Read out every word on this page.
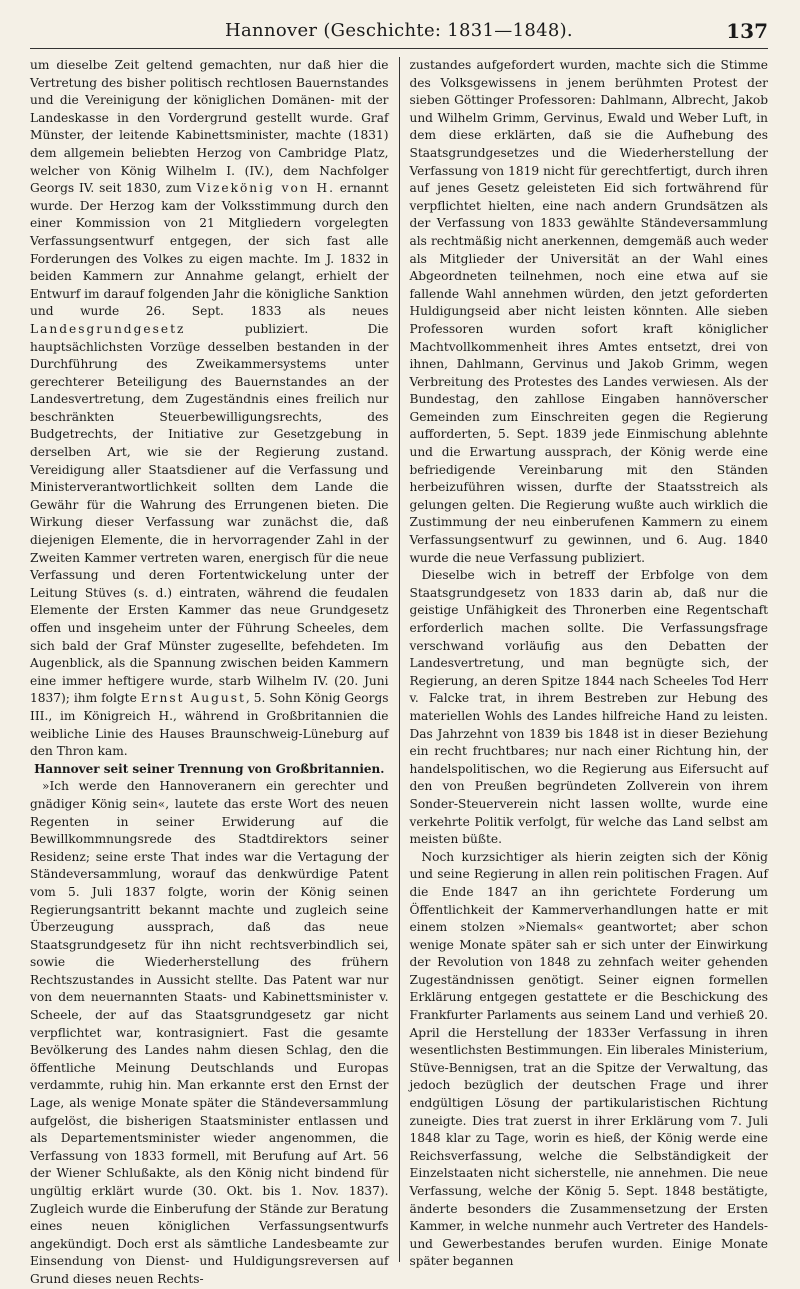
Hannover (Geschichte: 1831—1848).	137

um dieselbe Zeit geltend gemachten, nur daß hier die Vertretung des bisher politisch rechtlosen Bauernstandes und die Vereinigung der königlichen Domänen- mit der Landeskasse in den Vordergrund gestellt wurde. Graf Münster, der leitende Kabinettsminister, machte (1831) dem allgemein beliebten Herzog von Cambridge Platz, welcher von König Wilhelm I. (IV.), dem Nachfolger Georgs IV. seit 1830, zum Vizekönig von H. ernannt wurde. Der Herzog kam der Volksstimmung durch den einer Kommission von 21 Mitgliedern vorgelegten Verfassungsentwurf entgegen, der sich fast alle Forderungen des Volkes zu eigen machte. Im J. 1832 in beiden Kammern zur Annahme gelangt, erhielt der Entwurf im darauf folgenden Jahr die königliche Sanktion und wurde 26. Sept. 1833 als neues Landesgrundgesetz	publiziert. Die hauptsächlichsten Vorzüge desselben bestanden in der Durchführung des Zweikammersystems unter gerechterer Beteiligung des Bauernstandes an der Landesvertretung, dem Zugeständnis eines freilich nur beschränkten Steuerbewilligungsrechts, des Budgetrechts, der Initiative zur Gesetzgebung in derselben Art, wie sie der Regierung zustand. Vereidigung aller Staatsdiener auf die Verfassung und Ministerverantwortlichkeit sollten dem Lande die Gewähr für die Wahrung des Errungenen bieten. Die Wirkung dieser Verfassung war zunächst die, daß diejenigen Elemente, die in hervorragender Zahl in der Zweiten Kammer vertreten waren, energisch für die neue Verfassung und deren Fortentwickelung unter der Leitung Stüves (s. d.) eintraten, während die feudalen Elemente der Ersten Kammer das neue Grundgesetz offen und insgeheim unter der Führung Scheeles, dem sich bald der Graf Münster zugesellte, befehdeten. Im Augenblick, als die Spannung zwischen beiden Kammern eine immer heftigere wurde, starb Wilhelm IV. (20. Juni 1837); ihm folgte Ernst August, 5. Sohn König Georgs III., im Königreich H., während in Großbritannien die weibliche Linie des Hauses Braunschweig-Lüneburg auf den Thron kam.

Hannover seit seiner Trennung von Großbritannien.

»Ich werde den Hannoveranern ein gerechter und gnädiger König sein«, lautete das erste Wort des neuen Regenten in seiner Erwiderung auf die Bewillkommnungsrede des Stadtdirektors seiner Residenz; seine erste That indes war die Vertagung der Ständeversammlung, worauf das denkwürdige Patent vom 5. Juli 1837 folgte, worin der König seinen Regierungsantritt bekannt machte und zugleich seine Überzeugung aussprach, daß das neue Staatsgrundgesetz für ihn nicht rechtsverbindlich sei, sowie die Wiederherstellung des frühern Rechtszustandes in Aussicht stellte. Das Patent war nur von dem neuernannten Staats- und Kabinettsminister v. Scheele, der auf das Staatsgrundgesetz gar nicht verpflichtet war, kontrasigniert. Fast die gesamte Bevölkerung des Landes nahm diesen Schlag, den die öffentliche Meinung Deutschlands und Europas verdammte, ruhig hin. Man erkannte erst den Ernst der Lage, als wenige Monate später die Ständeversammlung aufgelöst, die bisherigen Staatsminister entlassen und als Departementsminister wieder angenommen, die Verfassung von 1833 formell, mit Berufung auf Art. 56 der Wiener Schlußakte, als den König nicht bindend für ungültig erklärt wurde (30. Okt. bis 1. Nov. 1837). Zugleich wurde die Einberufung der Stände zur Beratung eines neuen königlichen Verfassungsentwurfs angekündigt. Doch erst als sämtliche Landesbeamte zur Einsendung von Dienst- und Huldigungsreversen auf Grund dieses neuen Rechts-

zustandes aufgefordert wurden, machte sich die Stimme des Volksgewissens in jenem berühmten Protest der sieben Göttinger Professoren: Dahlmann, Albrecht, Jakob und Wilhelm Grimm, Gervinus, Ewald und Weber Luft, in dem diese erklärten, daß sie die Aufhebung des Staatsgrundgesetzes und die Wiederherstellung der Verfassung von 1819 nicht für gerechtfertigt, durch ihren auf jenes Gesetz geleisteten Eid sich fortwährend für verpflichtet hielten, eine nach andern Grundsätzen als der Verfassung von 1833 gewählte Ständeversammlung als rechtmäßig nicht anerkennen, demgemäß auch weder als Mitglieder der Universität an der Wahl eines Abgeordneten teilnehmen, noch eine etwa auf sie fallende Wahl annehmen würden, den jetzt geforderten Huldigungseid aber nicht leisten könnten. Alle sieben Professoren wurden sofort kraft königlicher Machtvollkommenheit ihres Amtes entsetzt, drei von ihnen, Dahlmann, Gervinus und Jakob Grimm, wegen Verbreitung des Protestes des Landes verwiesen. Als der Bundestag, den zahllose Eingaben hannöverscher Gemeinden zum Einschreiten gegen die Regierung aufforderten, 5. Sept. 1839 jede Einmischung ablehnte und die Erwartung aussprach, der König werde eine befriedigende Vereinbarung mit den Ständen herbeizuführen wissen, durfte der Staatsstreich als gelungen gelten. Die Regierung wußte auch wirklich die Zustimmung der neu einberufenen Kammern zu einem Verfassungsentwurf zu gewinnen, und 6. Aug. 1840 wurde die neue Verfassung publiziert.

Dieselbe wich in betreff der Erbfolge von dem Staatsgrundgesetz von 1833 darin ab, daß nur die geistige Unfähigkeit des Thronerben eine Regentschaft erforderlich machen sollte. Die Verfassungsfrage verschwand vorläufig aus den Debatten der Landesvertretung, und man begnügte sich, der Regierung, an deren Spitze 1844 nach Scheeles Tod Herr v. Falcke trat, in ihrem Bestreben zur Hebung des materiellen Wohls des Landes hilfreiche Hand zu leisten. Das Jahrzehnt von 1839 bis 1848 ist in dieser Beziehung ein recht fruchtbares; nur nach einer Richtung hin, der handelspolitischen, wo die Regierung aus Eifersucht auf den von Preußen begründeten Zollverein von ihrem Sonder-Steuerverein nicht lassen wollte, wurde eine verkehrte Politik verfolgt, für welche das Land selbst am meisten büßte.

Noch kurzsichtiger als hierin zeigten sich der König und seine Regierung in allen rein politischen Fragen. Auf die Ende 1847 an ihn gerichtete Forderung um Öffentlichkeit der Kammerverhandlungen hatte er mit einem stolzen »Niemals« geantwortet; aber schon wenige Monate später sah er sich unter der Einwirkung der Revolution von 1848 zu zehnfach weiter gehenden Zugeständnissen genötigt. Seiner eignen formellen Erklärung entgegen gestattete er die Beschickung des Frankfurter Parlaments aus seinem Land und verhieß 20. April die Herstellung der 1833er Verfassung in ihren wesentlichsten Bestimmungen. Ein liberales Ministerium, Stüve-Bennigsen, trat an die Spitze der Verwaltung, das jedoch bezüglich der deutschen Frage und ihrer endgültigen Lösung der partikularistischen Richtung zuneigte. Dies trat zuerst in ihrer Erklärung vom 7. Juli 1848 klar zu Tage, worin es hieß, der König werde eine Reichsverfassung, welche die Selbständigkeit der Einzelstaaten nicht sicherstelle, nie annehmen. Die neue Verfassung, welche der König 5. Sept. 1848 bestätigte, änderte besonders die Zusammensetzung der Ersten Kammer, in welche nunmehr auch Vertreter des Handels- und Gewerbestandes berufen wurden. Einige Monate später begannen
